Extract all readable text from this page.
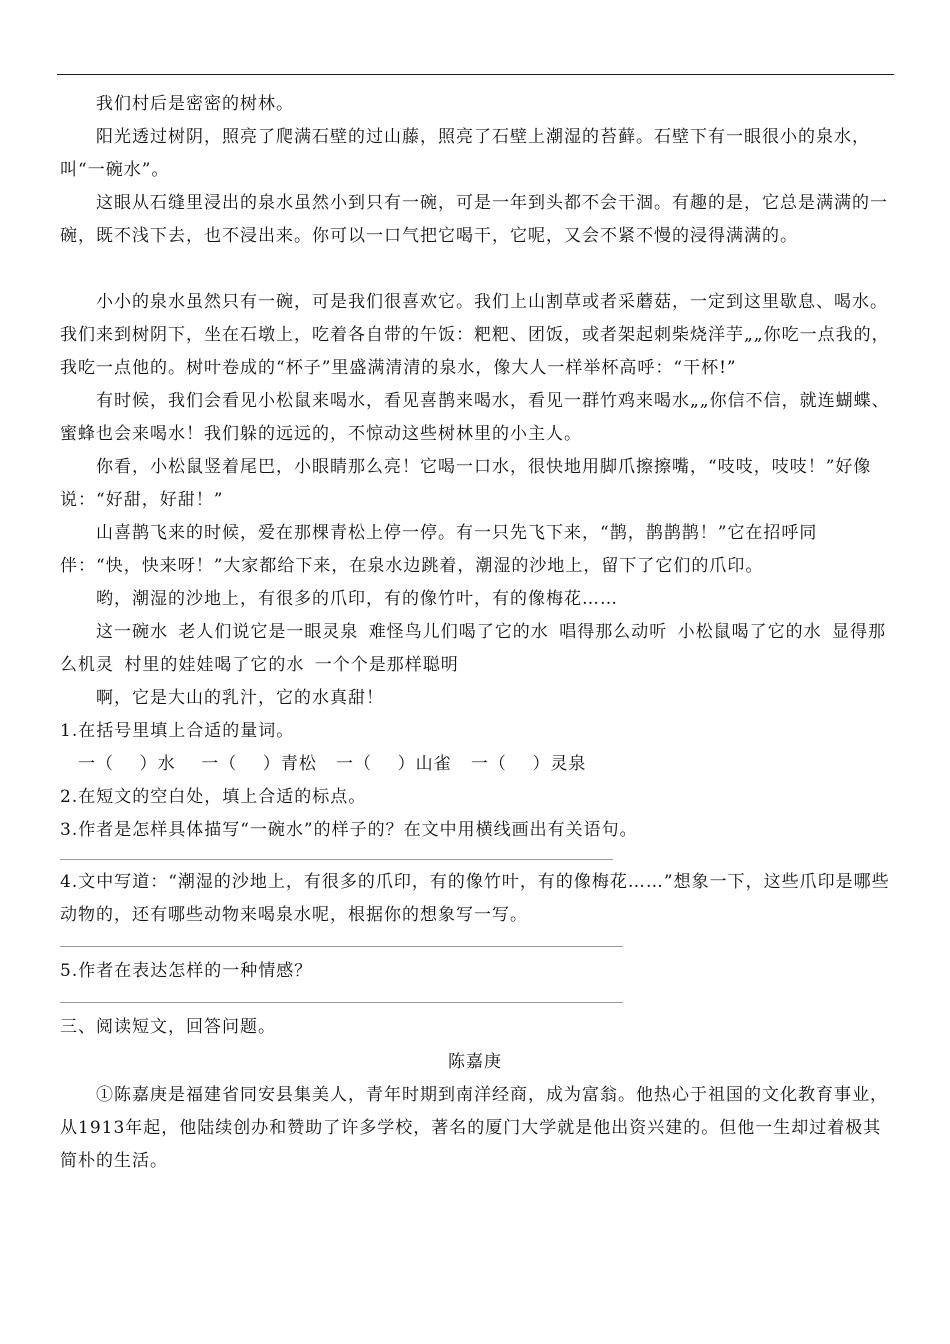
我们村后是密密的树林。

阳光透过树阴，照亮了爬满石壁的过山藤，照亮了石壁上潮湿的苔藓。石壁下有一眼很小的泉水，叫“一碗水”。

这眼从石缝里浸出的泉水虽然小到只有一碗，可是一年到头都不会干涸。有趣的是，它总是满满的一碗，既不浅下去，也不浸出来。你可以一口气把它喝干，它呢，又会不紧不慢的浸得满满的。

小小的泉水虽然只有一碗，可是我们很喜欢它。我们上山割草或者采蘑菇，一定到这里歇息、喝水。我们来到树阴下，坐在石墩上，吃着各自带的午饭：粑粑、团饭，或者架起刺柴烧洋芋„„你吃一点我的，我吃一点他的。树叶卷成的“杯子”里盛满清清的泉水，像大人一样举杯高呼：“干杯!”

有时候，我们会看见小松鼠来喝水，看见喜鹊来喝水，看见一群竹鸡来喝水„„你信不信，就连蝴蝶、蜜蜂也会来喝水！我们躲的远远的，不惊动这些树林里的小主人。

你看，小松鼠竖着尾巴，小眼睛那么亮！它喝一口水，很快地用脚爪擦擦嘴，“吱吱，吱吱！”好像说：“好甜，好甜！”

山喜鹊飞来的时候，爱在那棵青松上停一停。有一只先飞下来，“鹊，鹊鹊鹊！”它在招呼同伴：“快，快来呀！”大家都给下来，在泉水边跳着，潮湿的沙地上，留下了它们的爪印。

哟，潮湿的沙地上，有很多的爪印，有的像竹叶，有的像梅花……

这一碗水 老人们说它是一眼灵泉 难怪鸟儿们喝了它的水 唱得那么动听 小松鼠喝了它的水 显得那么机灵 村里的娃娃喝了它的水 一个个是那样聪明

啊，它是大山的乳汁，它的水真甜！

1.在括号里填上合适的量词。

一（    ）水    一（    ）青松   一（    ）山雀   一（    ）灵泉

2.在短文的空白处，填上合适的标点。

3.作者是怎样具体描写“一碗水”的样子的？在文中用横线画出有关语句。

4.文中写道：“潮湿的沙地上，有很多的爪印，有的像竹叶，有的像梅花……”想象一下，这些爪印是哪些动物的，还有哪些动物来喝泉水呢，根据你的想象写一写。

5.作者在表达怎样的一种情感？

三、阅读短文，回答问题。

陈嘉庚

①陈嘉庚是福建省同安县集美人，青年时期到南洋经商，成为富翁。他热心于祖国的文化教育事业，从1913年起，他陆续创办和赞助了许多学校，著名的厦门大学就是他出资兴建的。但他一生却过着极其简朴的生活。
